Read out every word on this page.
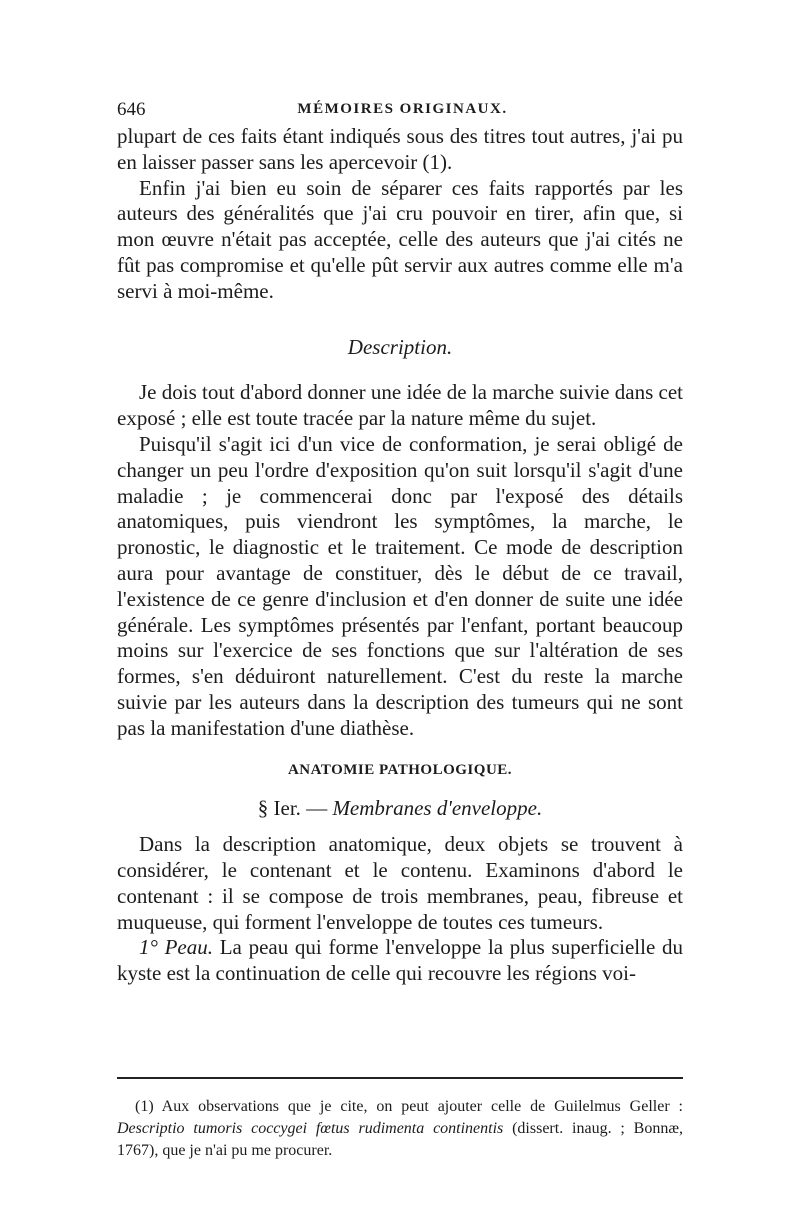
646	MÉMOIRES ORIGINAUX.

plupart de ces faits étant indiqués sous des titres tout autres, j'ai pu en laisser passer sans les apercevoir (1).

Enfin j'ai bien eu soin de séparer ces faits rapportés par les auteurs des généralités que j'ai cru pouvoir en tirer, afin que, si mon œuvre n'était pas acceptée, celle des auteurs que j'ai cités ne fût pas compromise et qu'elle pût servir aux autres comme elle m'a servi à moi-même.

Description.

Je dois tout d'abord donner une idée de la marche suivie dans cet exposé ; elle est toute tracée par la nature même du sujet.

Puisqu'il s'agit ici d'un vice de conformation, je serai obligé de changer un peu l'ordre d'exposition qu'on suit lorsqu'il s'agit d'une maladie ; je commencerai donc par l'exposé des détails anatomiques, puis viendront les symptômes, la marche, le pronostic, le diagnostic et le traitement. Ce mode de description aura pour avantage de constituer, dès le début de ce travail, l'existence de ce genre d'inclusion et d'en donner de suite une idée générale. Les symptômes présentés par l'enfant, portant beaucoup moins sur l'exercice de ses fonctions que sur l'altération de ses formes, s'en déduiront naturellement. C'est du reste la marche suivie par les auteurs dans la description des tumeurs qui ne sont pas la manifestation d'une diathèse.

ANATOMIE PATHOLOGIQUE.
§ Ier. — Membranes d'enveloppe.

Dans la description anatomique, deux objets se trouvent à considérer, le contenant et le contenu. Examinons d'abord le contenant : il se compose de trois membranes, peau, fibreuse et muqueuse, qui forment l'enveloppe de toutes ces tumeurs.

1° Peau. La peau qui forme l'enveloppe la plus superficielle du kyste est la continuation de celle qui recouvre les régions voi-

(1) Aux observations que je cite, on peut ajouter celle de Guilelmus Geller : Descriptio tumoris coccygei fœtus rudimenta continentis (dissert. inaug. ; Bonnæ, 1767), que je n'ai pu me procurer.
